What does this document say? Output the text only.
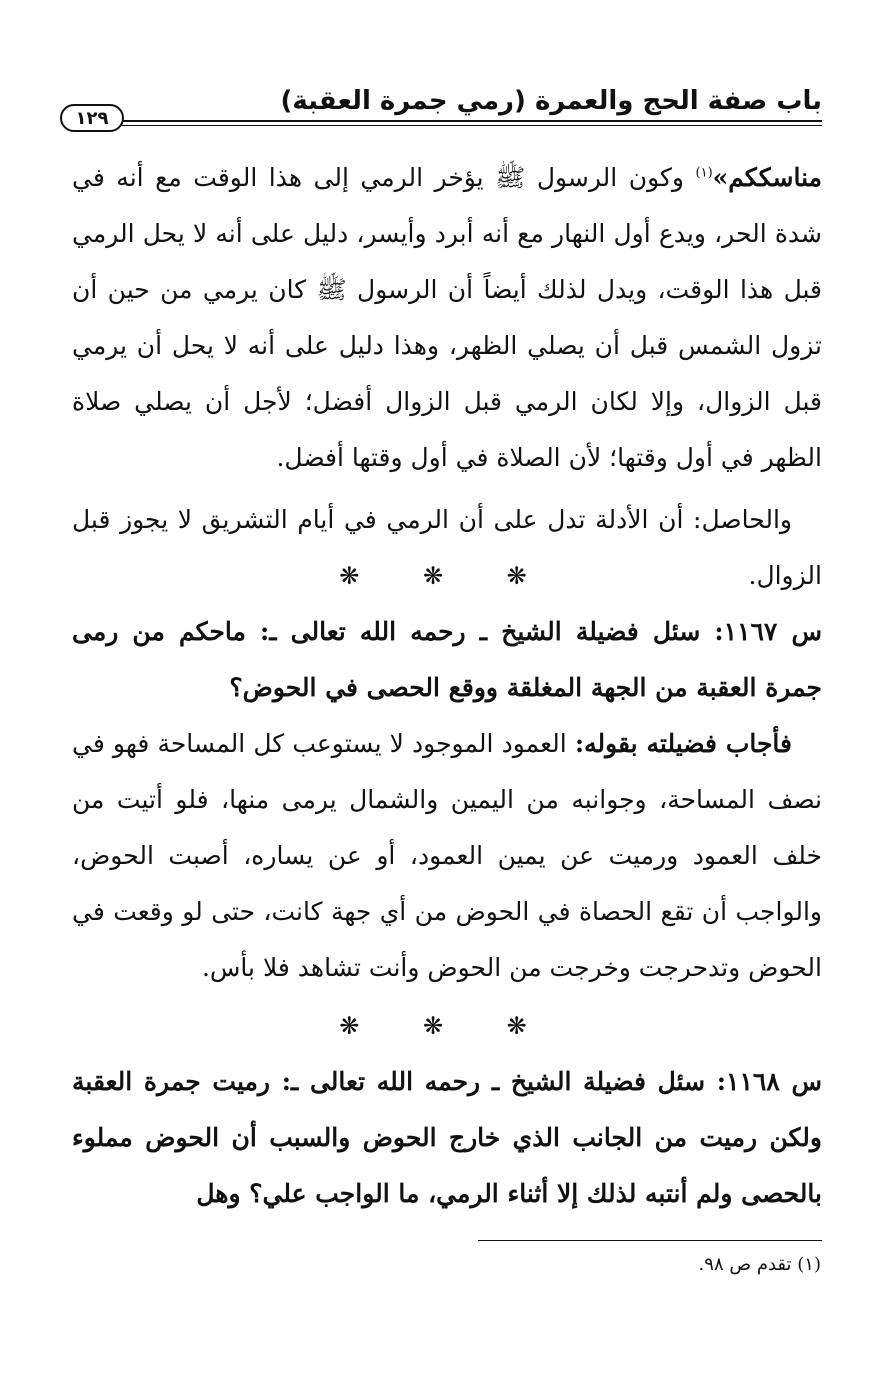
باب صفة الحج والعمرة (رمي جمرة العقبة)
١٢٩

مناسككم»$^{(١)}$ وكون الرسول ﷺ يؤخر الرمي إلى هذا الوقت مع أنه في شدة الحر، ويدع أول النهار مع أنه أبرد وأيسر، دليل على أنه لا يحل الرمي قبل هذا الوقت، ويدل لذلك أيضاً أن الرسول ﷺ كان يرمي من حين أن تزول الشمس قبل أن يصلي الظهر، وهذا دليل على أنه لا يحل أن يرمي قبل الزوال، وإلا لكان الرمي قبل الزوال أفضل؛ لأجل أن يصلي صلاة الظهر في أول وقتها؛ لأن الصلاة في أول وقتها أفضل.

والحاصل: أن الأدلة تدل على أن الرمي في أيام التشريق لا يجوز قبل الزوال.

❋ ❋ ❋

س ١١٦٧: سئل فضيلة الشيخ ـ رحمه الله تعالى ـ: ماحكم من رمى جمرة العقبة من الجهة المغلقة ووقع الحصى في الحوض؟

فأجاب فضيلته بقوله: العمود الموجود لا يستوعب كل المساحة فهو في نصف المساحة، وجوانبه من اليمين والشمال يرمى منها، فلو أتيت من خلف العمود ورميت عن يمين العمود، أو عن يساره، أصبت الحوض، والواجب أن تقع الحصاة في الحوض من أي جهة كانت، حتى لو وقعت في الحوض وتدحرجت وخرجت من الحوض وأنت تشاهد فلا بأس.

❋ ❋ ❋

س ١١٦٨: سئل فضيلة الشيخ ـ رحمه الله تعالى ـ: رميت جمرة العقبة ولكن رميت من الجانب الذي خارج الحوض والسبب أن الحوض مملوء بالحصى ولم أنتبه لذلك إلا أثناء الرمي، ما الواجب علي؟ وهل

(١) تقدم ص ٩٨.
